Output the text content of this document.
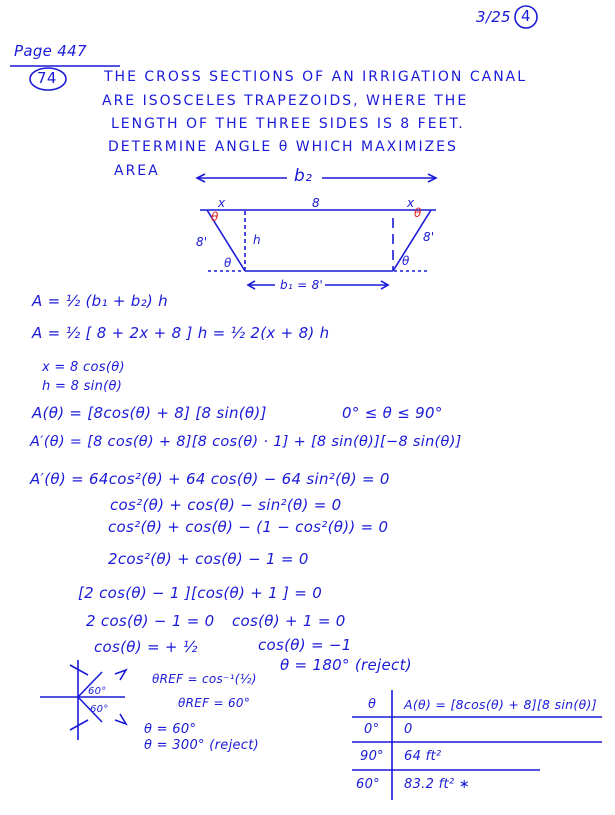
3/25 4
Page 447
74	THE CROSS SECTIONS OF AN IRRIGATION CANAL
ARE ISOSCELES TRAPEZOIDS, WHERE THE
LENGTH OF THE THREE SIDES IS 8 FEET.
DETERMINE ANGLE θ WHICH MAXIMIZES
AREA	b₂
8
x	x
θ	θ
8'	8'
h
θ	θ
b₁ = 8'
A = ½ (b₁ + b₂) h
A = ½ [ 8 + 2x + 8 ] h = ½ 2(x + 8) h
x = 8 cos(θ)
h = 8 sin(θ)
A(θ) = [8cos(θ) + 8] [8 sin(θ)]	0° ≤ θ ≤ 90°
A′(θ) = [8 cos(θ) + 8][8 cos(θ) · 1] + [8 sin(θ)][−8 sin(θ)]
A′(θ) = 64cos²(θ) + 64 cos(θ) − 64 sin²(θ) = 0
cos²(θ) + cos(θ) − sin²(θ) = 0
cos²(θ) + cos(θ) − (1 − cos²(θ)) = 0
2cos²(θ) + cos(θ) − 1 = 0
[2 cos(θ) − 1 ][cos(θ) + 1 ] = 0
2 cos(θ) − 1 = 0 cos(θ) + 1 = 0
cos(θ) = + ½	cos(θ) = −1
θ = 180° (reject)
θREF = cos⁻¹(½)
θREF = 60°
θ = 60°
θ = 300° (reject)
60°
60°	θ A(θ) = [8cos(θ) + 8][8 sin(θ)]
0° 0
90° 64 ft²
60° 83.2 ft² ∗
